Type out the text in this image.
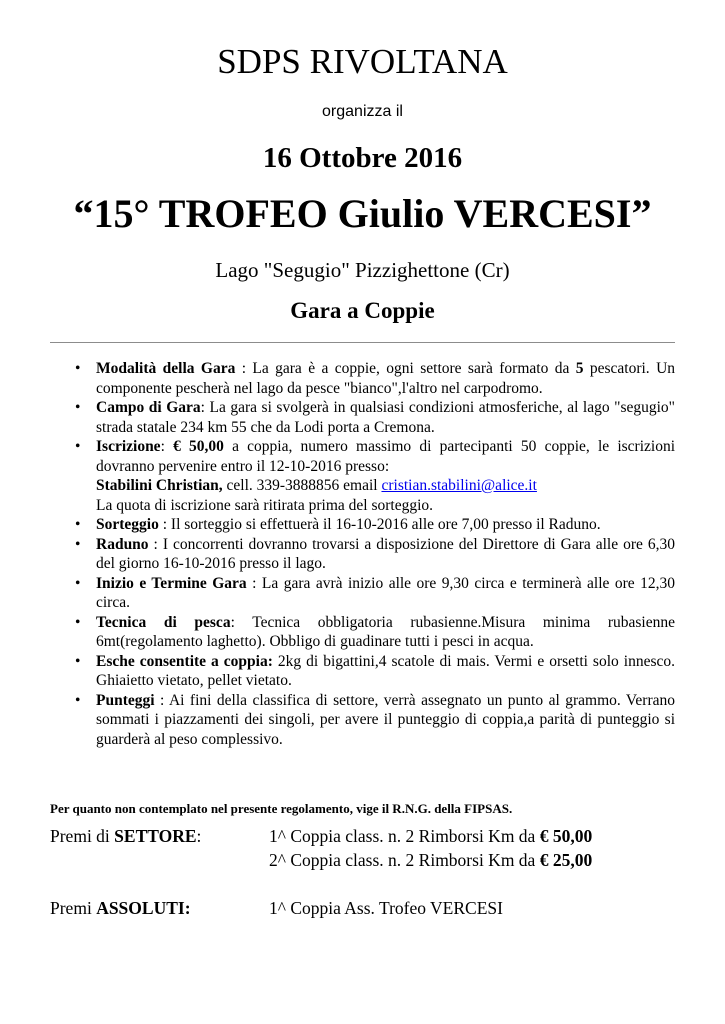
SDPS RIVOLTANA

organizza il

16 Ottobre 2016

“15° TROFEO Giulio VERCESI”

Lago "Segugio" Pizzighettone (Cr)

Gara a Coppie

• Modalità della Gara : La gara è a coppie, ogni settore sarà formato da 5 pescatori. Un componente pescherà nel lago da pesce "bianco",l'altro nel carpodromo.
• Campo di Gara: La gara si svolgerà in qualsiasi condizioni atmosferiche, al lago "segugio" strada statale 234 km 55 che da Lodi porta a Cremona.
• Iscrizione: € 50,00 a coppia, numero massimo di partecipanti 50 coppie, le iscrizioni dovranno pervenire entro il 12-10-2016 presso:
Stabilini Christian, cell. 339-3888856 email cristian.stabilini@alice.it
La quota di iscrizione sarà ritirata prima del sorteggio.
• Sorteggio : Il sorteggio si effettuerà il 16-10-2016 alle ore 7,00 presso il Raduno.
• Raduno : I concorrenti dovranno trovarsi a disposizione del Direttore di Gara alle ore 6,30 del giorno 16-10-2016 presso il lago.
• Inizio e Termine Gara : La gara avrà inizio alle ore 9,30 circa e terminerà alle ore 12,30 circa.
• Tecnica di pesca: Tecnica obbligatoria rubasienne.Misura minima rubasienne 6mt(regolamento laghetto). Obbligo di guadinare tutti i pesci in acqua.
• Esche consentite a coppia: 2kg di bigattini,4 scatole di mais. Vermi e orsetti solo innesco. Ghiaietto vietato, pellet vietato.
• Punteggi : Ai fini della classifica di settore, verrà assegnato un punto al grammo. Verrano sommati i piazzamenti dei singoli, per avere il punteggio di coppia,a parità di punteggio si guarderà al peso complessivo.

Per quanto non contemplato nel presente regolamento, vige il R.N.G. della FIPSAS.

Premi di SETTORE:	1^ Coppia class. n. 2 Rimborsi Km da € 50,00
2^ Coppia class. n. 2 Rimborsi Km da € 25,00
Premi ASSOLUTI:	1^ Coppia Ass. Trofeo VERCESI
